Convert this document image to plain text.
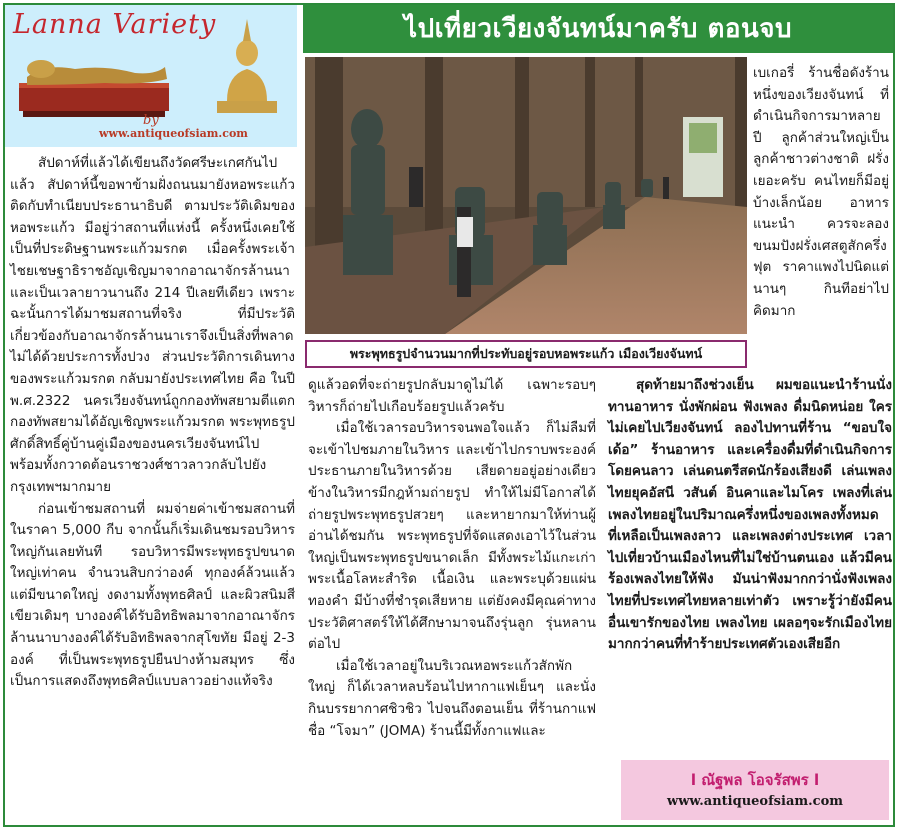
Lanna Variety
by
www.antiqueofsiam.com
ไปเที่ยวเวียงจันทน์มาครับ ตอนจบ
พระพุทธรูปจำนวนมากที่ประทับอยู่รอบหอพระแก้ว เมืองเวียงจันทน์

สัปดาห์ที่แล้วได้เขียนถึงวัดศรีษะเกศกันไปแล้ว สัปดาห์นี้ขอพาข้ามฝั่งถนนมายังหอพระแก้ว ติดกับทำเนียบประธานาธิบดี ตามประวัติเดิมของหอพระแก้ว มีอยู่ว่าสถานที่แห่งนี้ ครั้งหนึ่งเคยใช้เป็นที่ประดิษฐานพระแก้วมรกต เมื่อครั้งพระเจ้าไชยเชษฐาธิราชอัญเชิญมาจากอาณาจักรล้านนา และเป็นเวลายาวนานถึง 214 ปีเลยทีเดียว เพราะฉะนั้นการได้มาชมสถานที่จริง ที่มีประวัติเกี่ยวข้องกับอาณาจักรล้านนาเราจึงเป็นสิ่งที่พลาดไม่ได้ด้วยประการทั้งปวง ส่วนประวัติการเดินทางของพระแก้วมรกต กลับมายังประเทศไทย คือ ในปี พ.ศ.2322 นครเวียงจันทน์ถูกกองทัพสยามตีแตก กองทัพสยามได้อัญเชิญพระแก้วมรกต พระพุทธรูปศักดิ์สิทธิ์คู่บ้านคู่เมืองของนครเวียงจันทน์ไป พร้อมทั้งกวาดต้อนราชวงศ์ชาวลาวกลับไปยังกรุงเทพฯมากมาย

ก่อนเข้าชมสถานที่ ผมจ่ายค่าเข้าชมสถานที่ในราคา 5,000 กีบ จากนั้นก็เริ่มเดินชมรอบวิหารใหญ่กันเลยทันที รอบวิหารมีพระพุทธรูปขนาดใหญ่เท่าคน จำนวนสิบกว่าองค์ ทุกองค์ล้วนแล้วแต่มีขนาดใหญ่ งดงามทั้งพุทธศิลป์ และผิวสนิมสีเขียวเดิมๆ บางองค์ได้รับอิทธิพลมาจากอาณาจักรล้านนาบางองค์ได้รับอิทธิพลจากสุโขทัย มีอยู่ 2-3 องค์ ที่เป็นพระพุทธรูปยืนปางห้ามสมุทร ซึ่งเป็นการแสดงถึงพุทธศิลป์แบบลาวอย่างแท้จริง

เบเกอรี่ ร้านชื่อดังร้านหนึ่งของเวียงจันทน์ ที่ดำเนินกิจการมาหลายปี ลูกค้าส่วนใหญ่เป็นลูกค้าชาวต่างชาติ ฝรั่งเยอะครับ คนไทยก็มีอยู่บ้างเล็กน้อย อาหารแนะนำ ควรจะลองขนมปังฝรั่งเศสตูสักครึ่งฟุต ราคาแพงไปนิดแต่นานๆ กินทีอย่าไปคิดมาก

ดูแล้วอดที่จะถ่ายรูปกลับมาดูไม่ได้ เฉพาะรอบๆ วิหารก็ถ่ายไปเกือบร้อยรูปแล้วครับ

เมื่อใช้เวลารอบวิหารจนพอใจแล้ว ก็ไม่ลืมที่จะเข้าไปชมภายในวิหาร และเข้าไปกราบพระองค์ประธานภายในวิหารด้วย เสียดายอยู่อย่างเดียว ข้างในวิหารมีกฎห้ามถ่ายรูป ทำให้ไม่มีโอกาสได้ถ่ายรูปพระพุทธรูปสวยๆ และหายากมาให้ท่านผู้อ่านได้ชมกัน พระพุทธรูปที่จัดแสดงเอาไว้ในส่วนใหญ่เป็นพระพุทธรูปขนาดเล็ก มีทั้งพระไม้แกะเก่า พระเนื้อโลหะสำริด เนื้อเงิน และพระบุด้วยแผ่นทองคำ มีบ้างที่ชำรุดเสียหาย แต่ยังคงมีคุณค่าทางประวัติศาสตร์ให้ได้ศึกษามาจนถึงรุ่นลูก รุ่นหลานต่อไป

เมื่อใช้เวลาอยู่ในบริเวณหอพระแก้วสักพักใหญ่ ก็ได้เวลาหลบร้อนไปหากาแฟเย็นๆ และนั่งกินบรรยากาศชิวชิว ไปจนถึงตอนเย็น ที่ร้านกาแฟชื่อ “โจมา” (JOMA) ร้านนี้มีทั้งกาแฟและ

สุดท้ายมาถึงช่วงเย็น ผมขอแนะนำร้านนั่งทานอาหาร นั่งพักผ่อน ฟังเพลง ดื่มนิดหน่อย ใครไม่เคยไปเวียงจันทน์ ลองไปทานที่ร้าน “ขอบใจเด้อ” ร้านอาหาร และเครื่องดื่มที่ดำเนินกิจการโดยคนลาว เล่นดนตรีสดนักร้องเสียงดี เล่นเพลงไทยยุคอัสนี วสันต์ อินคาและไมโคร เพลงที่เล่นเพลงไทยอยู่ในปริมาณครึ่งหนึ่งของเพลงทั้งหมด ที่เหลือเป็นเพลงลาว และเพลงต่างประเทศ เวลาไปเที่ยวบ้านเมืองไหนที่ไม่ใช่บ้านตนเอง แล้วมีคนร้องเพลงไทยให้ฟัง มันน่าฟังมากกว่านั่งฟังเพลงไทยที่ประเทศไทยหลายเท่าตัว เพราะรู้ว่ายังมีคนอื่นเขารักของไทย เพลงไทย เผลอๆจะรักเมืองไทยมากกว่าคนที่ทำร้ายประเทศตัวเองเสียอีก
l ณัฐพล โอจรัสพร l
www.antiqueofsiam.com
